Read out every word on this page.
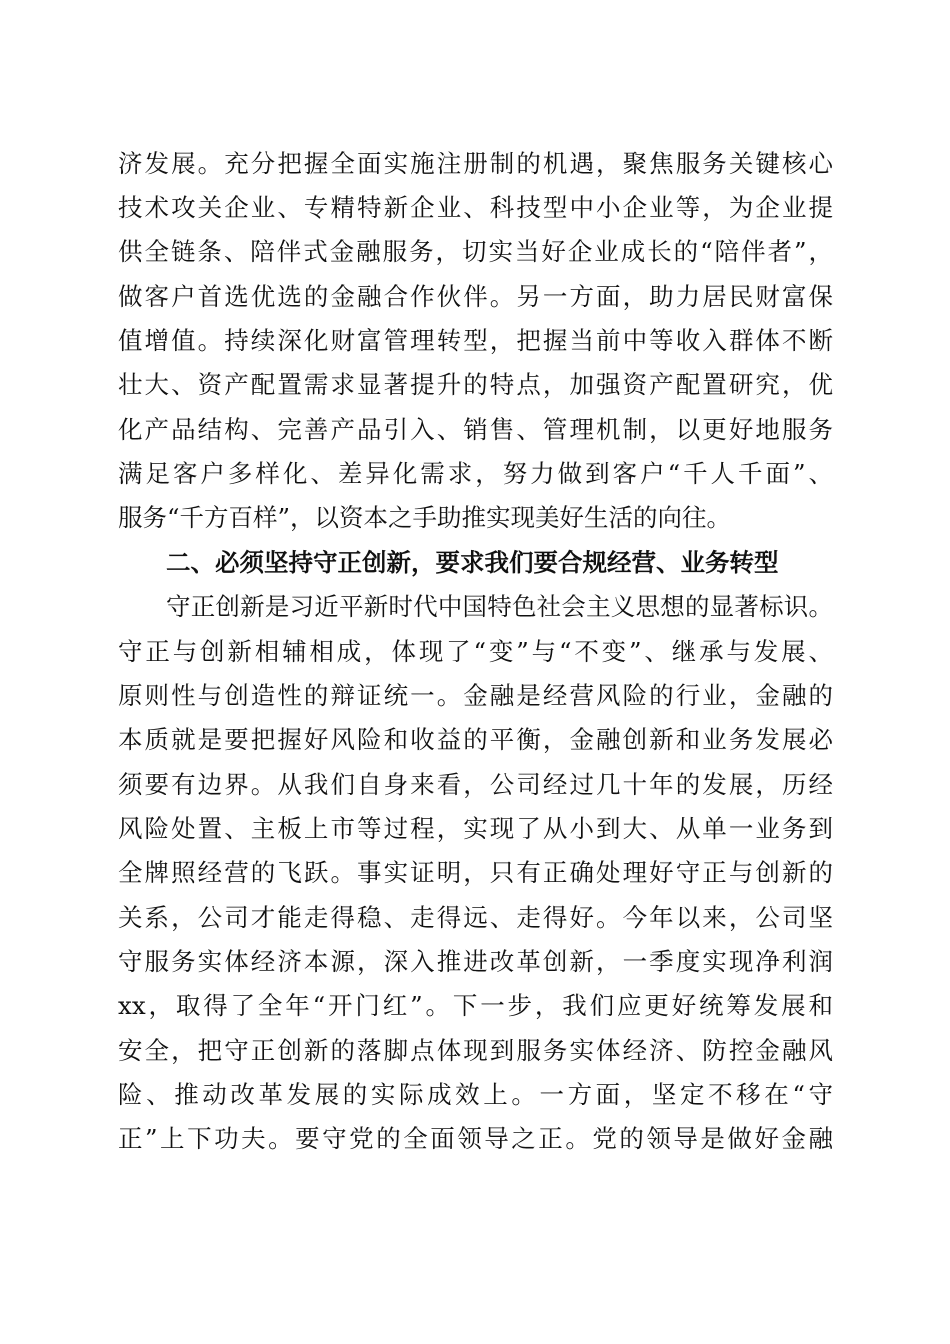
济发展。充分把握全面实施注册制的机遇，聚焦服务关键核心
技术攻关企业、专精特新企业、科技型中小企业等，为企业提
供全链条、陪伴式金融服务，切实当好企业成长的“陪伴者”，
做客户首选优选的金融合作伙伴。另一方面，助力居民财富保
值增值。持续深化财富管理转型，把握当前中等收入群体不断
壮大、资产配置需求显著提升的特点，加强资产配置研究，优
化产品结构、完善产品引入、销售、管理机制，以更好地服务
满足客户多样化、差异化需求，努力做到客户“千人千面”、
服务“千方百样”，以资本之手助推实现美好生活的向往。
二、必须坚持守正创新，要求我们要合规经营、业务转型
守正创新是习近平新时代中国特色社会主义思想的显著标识。
守正与创新相辅相成，体现了“变”与“不变”、继承与发展、
原则性与创造性的辩证统一。金融是经营风险的行业，金融的
本质就是要把握好风险和收益的平衡，金融创新和业务发展必
须要有边界。从我们自身来看，公司经过几十年的发展，历经
风险处置、主板上市等过程，实现了从小到大、从单一业务到
全牌照经营的飞跃。事实证明，只有正确处理好守正与创新的
关系，公司才能走得稳、走得远、走得好。今年以来，公司坚
守服务实体经济本源，深入推进改革创新，一季度实现净利润
xx，取得了全年“开门红”。下一步，我们应更好统筹发展和
安全，把守正创新的落脚点体现到服务实体经济、防控金融风
险、推动改革发展的实际成效上。一方面，坚定不移在“守
正”上下功夫。要守党的全面领导之正。党的领导是做好金融
